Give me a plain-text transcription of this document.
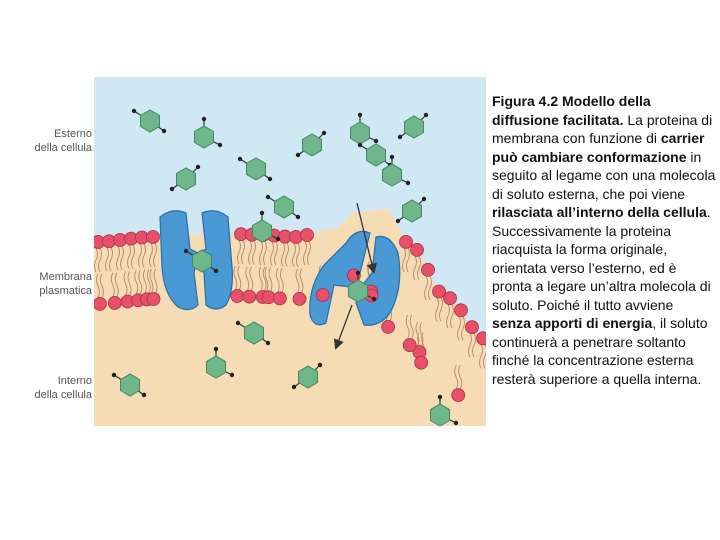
Esterno
della cellula
Membrana
plasmatica
Interno
della cellula
Figura 4.2 Modello della diffusione facilitata. La proteina di membrana con funzione di carrier può cambiare conformazione in seguito al legame con una molecola di soluto esterna, che poi viene rilasciata all’interno della cellula. Successivamente la proteina riacquista la forma originale, orientata verso l’esterno, ed è pronta a legare un’altra molecola di soluto. Poiché il tutto avviene senza apporti di energia, il soluto continuerà a penetrare soltanto finché la concentrazione esterna resterà superiore a quella interna.
